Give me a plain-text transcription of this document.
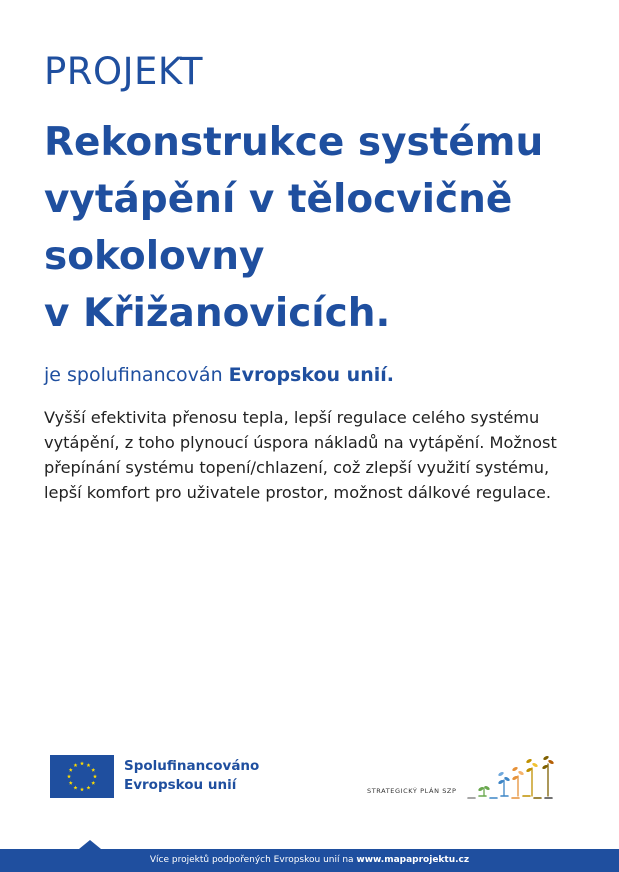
PROJEKT
Rekonstrukce systému
vytápění v tělocvičně
sokolovny
v Křižanovicích.

je spolufinancován Evropskou unií.

Vyšší efektivita přenosu tepla, lepší regulace celého systému
vytápění, z toho plynoucí úspora nákladů na vytápění. Možnost
přepínání systému topení/chlazení, což zlepší využití systému,
lepší komfort pro uživatele prostor, možnost dálkové regulace.

Spolufinancováno
Evropskou unií	STRATEGICKÝ PLÁN SZP
Více projektů podpořených Evropskou unií na www.mapaprojektu.cz
